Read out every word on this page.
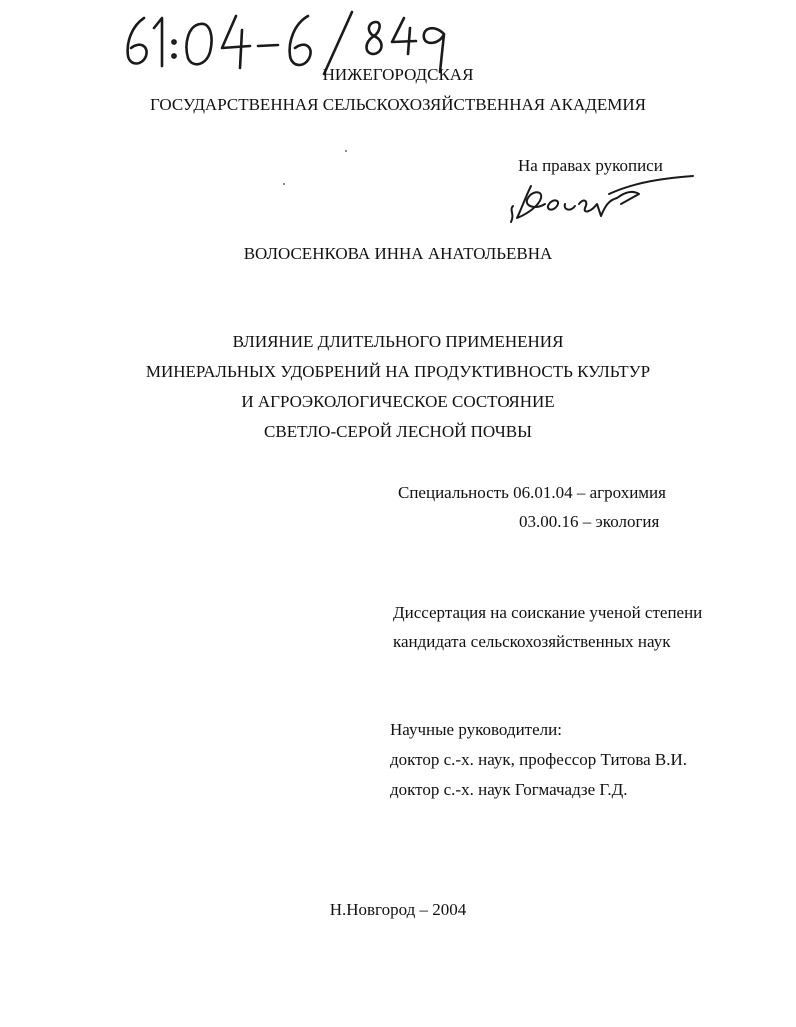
НИЖЕГОРОДСКАЯ
ГОСУДАРСТВЕННАЯ СЕЛЬСКОХОЗЯЙСТВЕННАЯ АКАДЕМИЯ
На правах рукописи
Волос
ВОЛОСЕНКОВА ИННА АНАТОЛЬЕВНА
ВЛИЯНИЕ ДЛИТЕЛЬНОГО ПРИМЕНЕНИЯ
МИНЕРАЛЬНЫХ УДОБРЕНИЙ НА ПРОДУКТИВНОСТЬ КУЛЬТУР
И АГРОЭКОЛОГИЧЕСКОЕ СОСТОЯНИЕ
СВЕТЛО-СЕРОЙ ЛЕСНОЙ ПОЧВЫ
Специальность 06.01.04 – агрохимия
03.00.16 – экология
Диссертация на соискание ученой степени
кандидата сельскохозяйственных наук
Научные руководители:
доктор с.-х. наук, профессор Титова В.И.
доктор с.-х. наук Гогмачадзе Г.Д.
Н.Новгород – 2004
